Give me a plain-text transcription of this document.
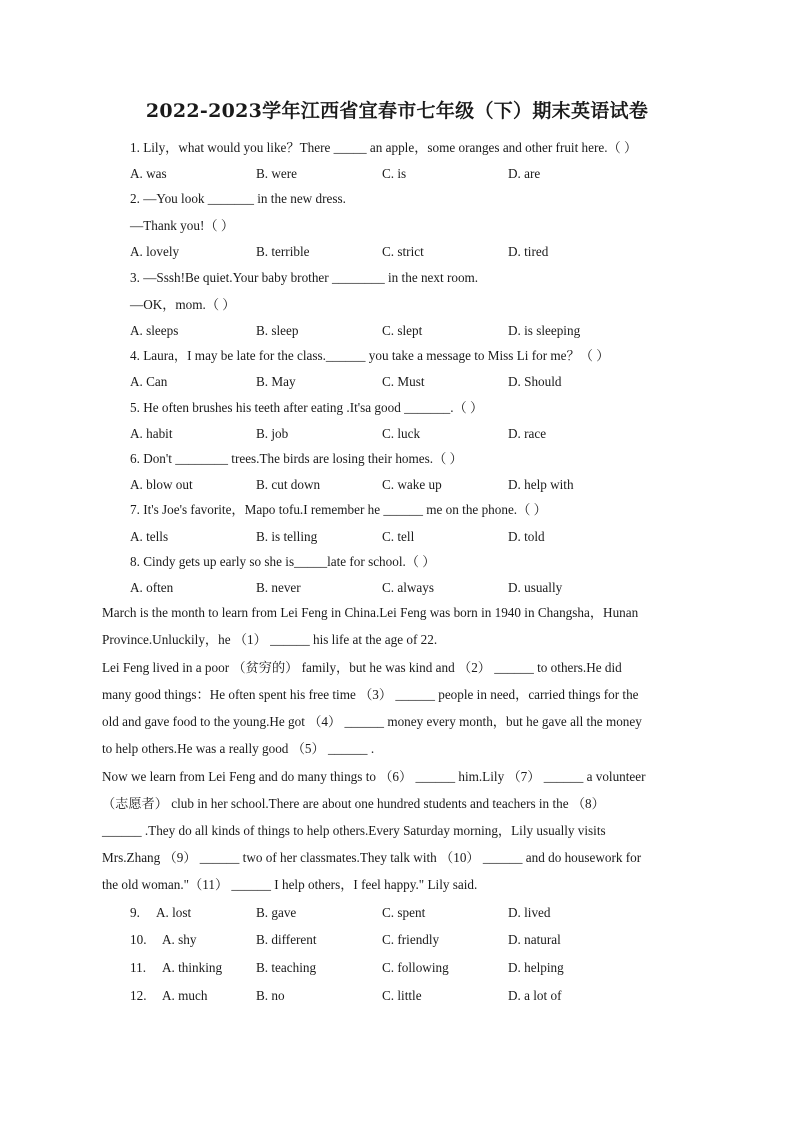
2022-2023学年江西省宜春市七年级（下）期末英语试卷
1. Lily，what would you like？There _____ an apple，some oranges and other fruit here.（ ）
A. was	B. were	C. is	D. are
2. —You look _______ in the new dress.
—Thank you!（ ）
A. lovely	B. terrible	C. strict	D. tired
3. —Sssh!Be quiet.Your baby brother ________ in the next room.
—OK，mom.（ ）
A. sleeps	B. sleep	C. slept	D. is sleeping
4. Laura，I may be late for the class.______ you take a message to Miss Li for me？（ ）
A. Can	B. May	C. Must	D. Should
5. He often brushes his teeth after eating .It'sa good _______.（ ）
A. habit	B. job	C. luck	D. race
6. Don't ________ trees.The birds are losing their homes.（ ）
A. blow out	B. cut down	C. wake up	D. help with
7. It's Joe's favorite，Mapo tofu.I remember he ______ me on the phone.（ ）
A. tells	B. is telling	C. tell	D. told
8. Cindy gets up early so she is_____late for school.（ ）
A. often	B. never	C. always	D. usually
March is the month to learn from Lei Feng in China.Lei Feng was born in 1940 in Changsha，Hunan
Province.Unluckily，he （1） ______ his life at the age of 22.
Lei Feng lived in a poor （贫穷的） family，but he was kind and （2） ______ to others.He did
many good things：He often spent his free time （3） ______ people in need，carried things for the
old and gave food to the young.He got （4） ______ money every month，but he gave all the money
to help others.He was a really good （5） ______ .
Now we learn from Lei Feng and do many things to （6） ______ him.Lily （7） ______ a volunteer
（志愿者） club in her school.There are about one hundred students and teachers in the （8）
______ .They do all kinds of things to help others.Every Saturday morning，Lily usually visits
Mrs.Zhang （9） ______ two of her classmates.They talk with （10） ______ and do housework for
the old woman."（11） ______ I help others，I feel happy." Lily said.
9. A. lost	B. gave	C. spent	D. lived
10. A. shy	B. different	C. friendly	D. natural
11. A. thinking	B. teaching	C. following	D. helping
12. A. much	B. no	C. little	D. a lot of
